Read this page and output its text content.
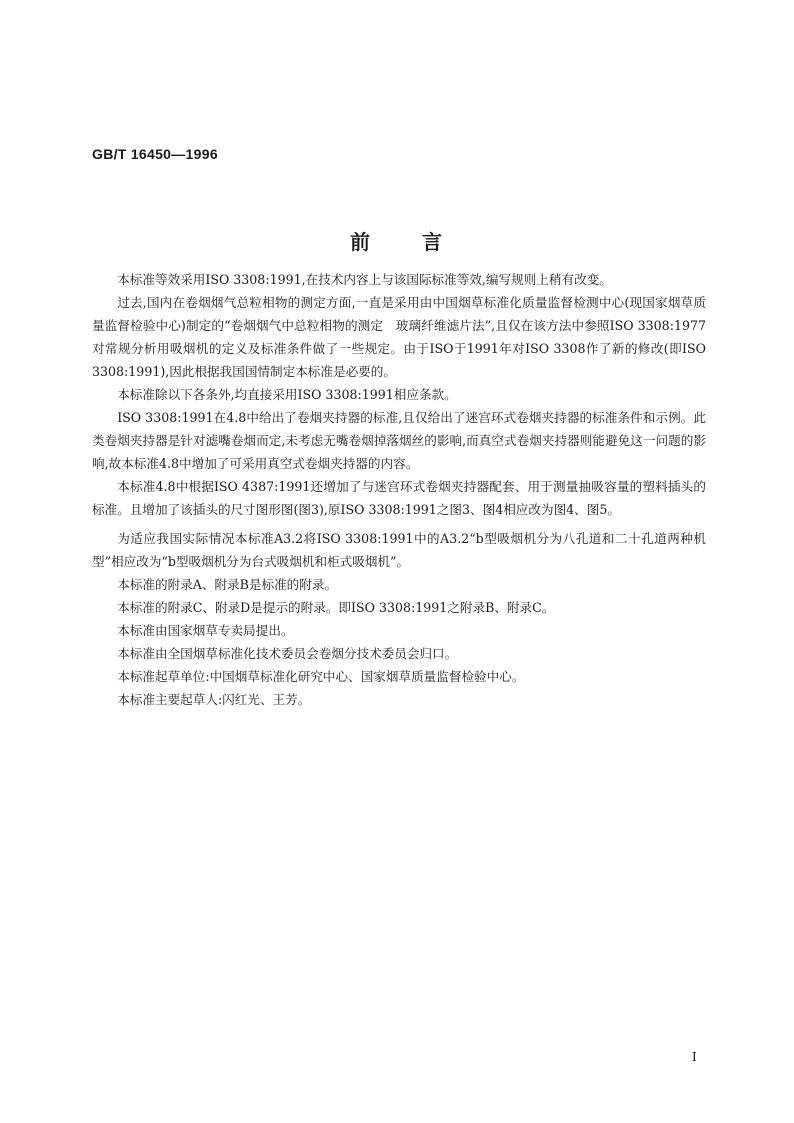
GB/T 16450—1996
前	言

本标准等效采用ISO 3308:1991,在技术内容上与该国际标准等效,编写规则上稍有改变。

过去,国内在卷烟烟气总粒相物的测定方面,一直是采用由中国烟草标准化质量监督检测中心(现国家烟草质量监督检验中心)制定的“卷烟烟气中总粒相物的测定　玻璃纤维滤片法”,且仅在该方法中参照ISO 3308:1977对常规分析用吸烟机的定义及标准条件做了一些规定。由于ISO于1991年对ISO 3308作了新的修改(即ISO 3308:1991),因此根据我国国情制定本标准是必要的。

本标准除以下各条外,均直接采用ISO 3308:1991相应条款。

ISO 3308:1991在4.8中给出了卷烟夹持器的标准,且仅给出了迷宫环式卷烟夹持器的标准条件和示例。此类卷烟夹持器是针对滤嘴卷烟而定,未考虑无嘴卷烟掉落烟丝的影响,而真空式卷烟夹持器则能避免这一问题的影响,故本标准4.8中增加了可采用真空式卷烟夹持器的内容。

本标准4.8中根据ISO 4387:1991还增加了与迷宫环式卷烟夹持器配套、用于测量抽吸容量的塑料插头的标准。且增加了该插头的尺寸图形图(图3),原ISO 3308:1991之图3、图4相应改为图4、图5。

为适应我国实际情况本标准A3.2将ISO 3308:1991中的A3.2“b型吸烟机分为八孔道和二十孔道两种机型”相应改为“b型吸烟机分为台式吸烟机和柜式吸烟机”。

本标准的附录A、附录B是标准的附录。

本标准的附录C、附录D是提示的附录。即ISO 3308:1991之附录B、附录C。

本标准由国家烟草专卖局提出。

本标准由全国烟草标准化技术委员会卷烟分技术委员会归口。

本标准起草单位:中国烟草标准化研究中心、国家烟草质量监督检验中心。

本标准主要起草人:闪红光、王芳。

I
